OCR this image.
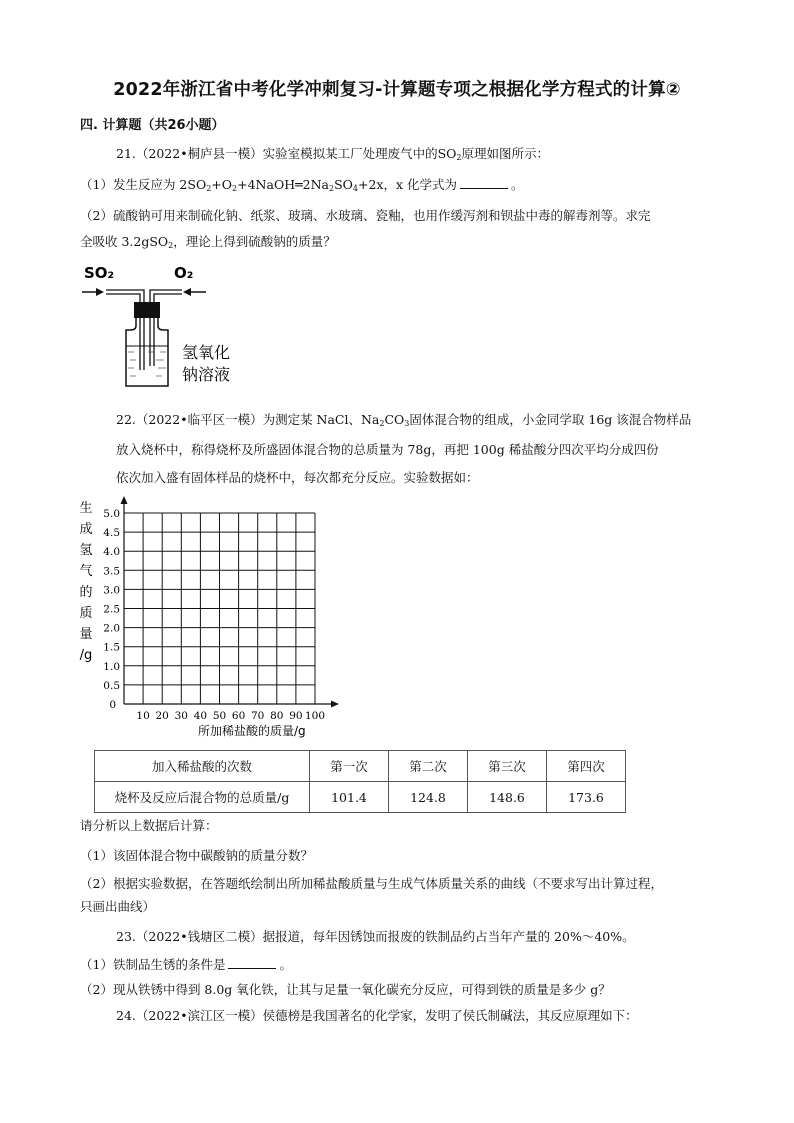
2022年浙江省中考化学冲刺复习-计算题专项之根据化学方程式的计算②
四. 计算题（共26小题）
21.（2022•桐庐县一模）实验室模拟某工厂处理废气中的$SO_2$原理如图所示：
（1）发生反应为 $2SO_2+O_2+4NaOH═2Na_2SO_4+2x$，x 化学式为	。
（2）硫酸钠可用来制硫化钠、纸浆、玻璃、水玻璃、瓷釉，也用作缓泻剂和钡盐中毒的解毒剂等。求完
全吸收 3.2gSO$_2$，理论上得到硫酸钠的质量？
SO₂	O₂
氢氧化
钠溶液
22.（2022•临平区一模）为测定某 NaCl、$Na_2CO_3$固体混合物的组成，小金同学取 16g 该混合物样品
放入烧杯中，称得烧杯及所盛固体混合物的总质量为 78g，再把 100g 稀盐酸分四次平均分成四份
依次加入盛有固体样品的烧杯中，每次都充分反应。实验数据如：
生
成
氢
气
的
质
量
/g
5.0
4.5
4.0
3.5
3.0
2.5
2.0
1.5
1.0
0.5
10 20 30 40 50 60 70 80 90 100
0
所加稀盐酸的质量/g
加入稀盐酸的次数	第一次	第二次	第三次	第四次
烧杯及反应后混合物的总质量/g	101.4	124.8	148.6	173.6
请分析以上数据后计算：
（1）该固体混合物中碳酸钠的质量分数？
（2）根据实验数据，在答题纸绘制出所加稀盐酸质量与生成气体质量关系的曲线（不要求写出计算过程，
只画出曲线）
23.（2022•钱塘区二模）据报道，每年因锈蚀而报废的铁制品约占当年产量的 20%～40%。
（1）铁制品生锈的条件是	。
（2）现从铁锈中得到 8.0g 氧化铁，让其与足量一氧化碳充分反应，可得到铁的质量是多少 g？
24.（2022•滨江区一模）侯德榜是我国著名的化学家，发明了侯氏制碱法，其反应原理如下：
